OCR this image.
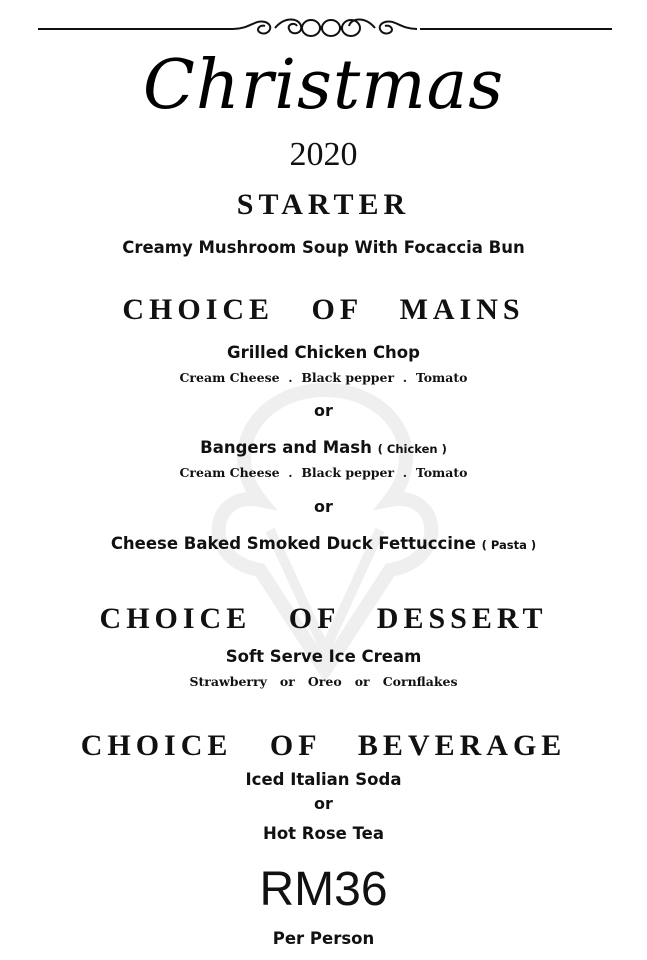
Christmas
2020
STARTER
Creamy Mushroom Soup With Focaccia Bun
CHOICE   OF   MAINS
Grilled Chicken Chop
Cream Cheese  .  Black pepper  .  Tomato
or
Bangers and Mash ( Chicken )
Cream Cheese  .  Black pepper  .  Tomato
or
Cheese Baked Smoked Duck Fettuccine ( Pasta )
CHOICE   OF   DESSERT
Soft Serve Ice Cream
Strawberry   or   Oreo   or   Cornflakes
CHOICE   OF   BEVERAGE
Iced Italian Soda
or
Hot Rose Tea
RM36
Per Person
